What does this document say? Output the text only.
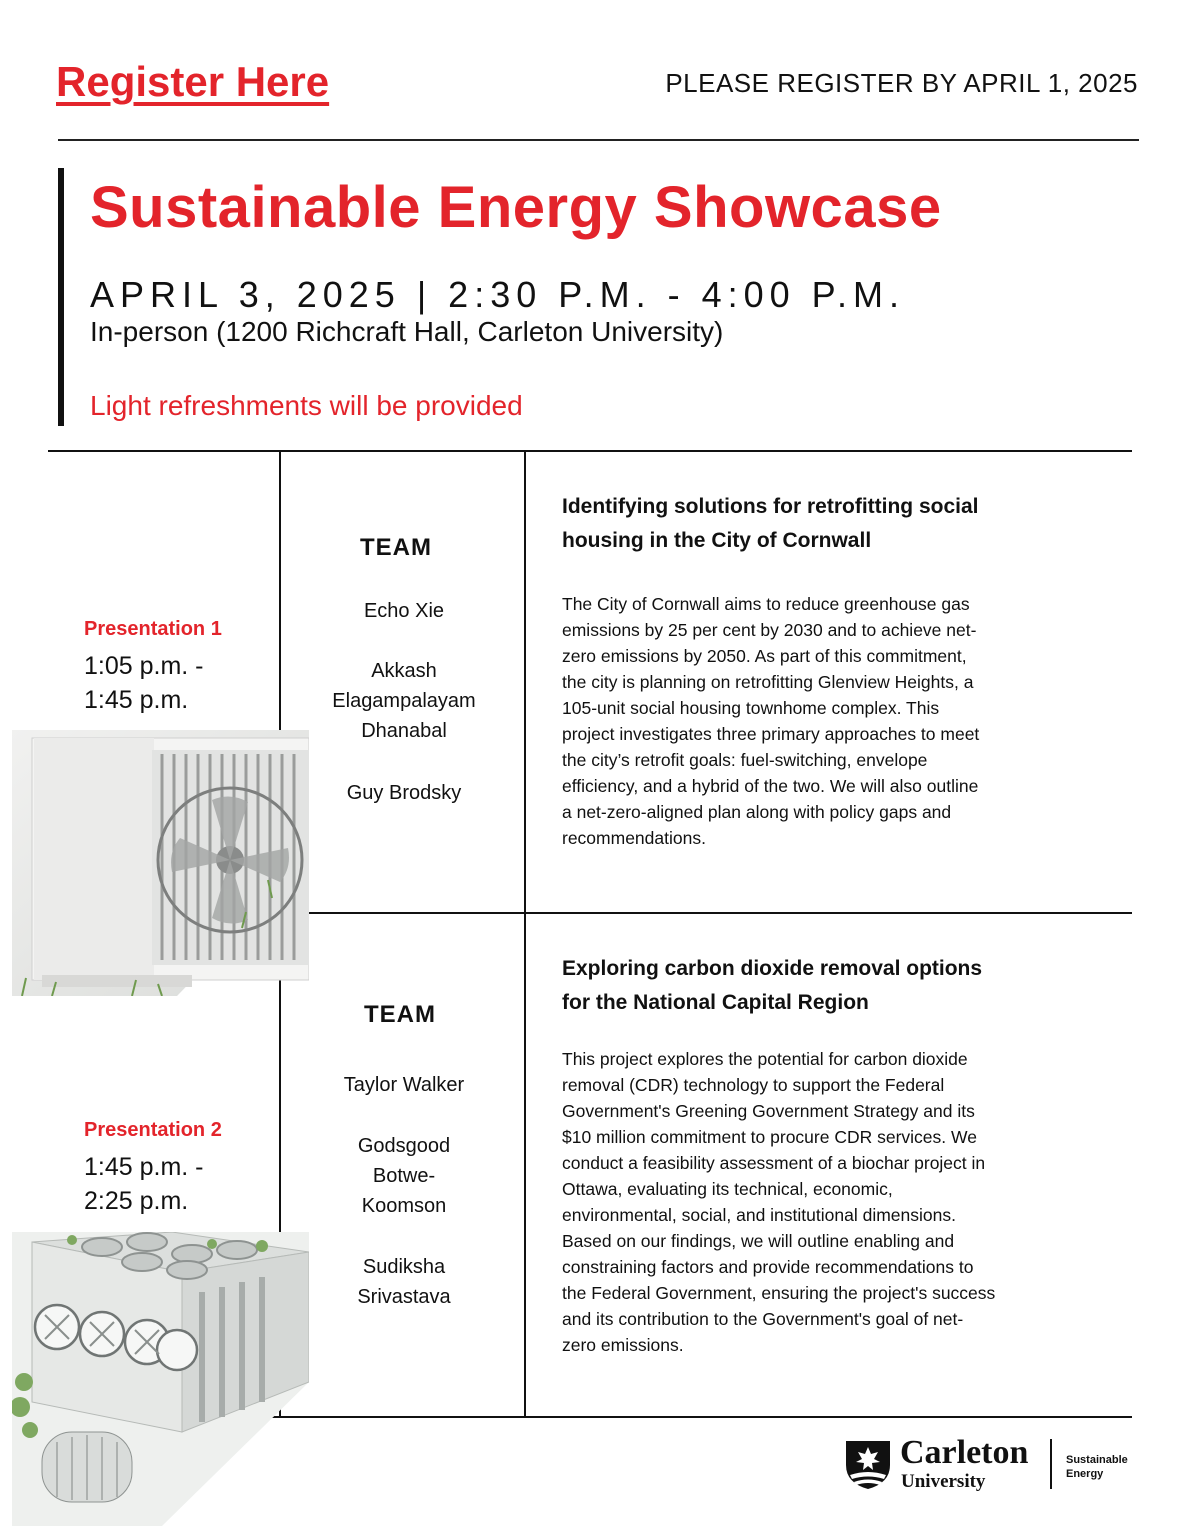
Register Here	PLEASE REGISTER BY APRIL 1, 2025
Sustainable Energy Showcase
APRIL 3, 2025 | 2:30 P.M. - 4:00 P.M.
In-person (1200 Richcraft Hall, Carleton University)
Light refreshments will be provided
Presentation 1
1:05 p.m. -
1:45 p.m.
TEAM
Echo Xie
Akkash
Elagampalayam
Dhanabal
Guy Brodsky
Identifying solutions for retrofitting social
housing in the City of Cornwall
The City of Cornwall aims to reduce greenhouse gas
emissions by 25 per cent by 2030 and to achieve net-
zero emissions by 2050. As part of this commitment,
the city is planning on retrofitting Glenview Heights, a
105-unit social housing townhome complex. This
project investigates three primary approaches to meet
the city’s retrofit goals: fuel-switching, envelope
efficiency, and a hybrid of the two. We will also outline
a net-zero-aligned plan along with policy gaps and
recommendations.
Presentation 2
1:45 p.m. -
2:25 p.m.
TEAM
Taylor Walker
Godsgood
Botwe-
Koomson
Sudiksha
Srivastava
Exploring carbon dioxide removal options
for the National Capital Region
This project explores the potential for carbon dioxide
removal (CDR) technology to support the Federal
Government's Greening Government Strategy and its
$10 million commitment to procure CDR services. We
conduct a feasibility assessment of a biochar project in
Ottawa, evaluating its technical, economic,
environmental, social, and institutional dimensions.
Based on our findings, we will outline enabling and
constraining factors and provide recommendations to
the Federal Government, ensuring the project's success
and its contribution to the Government's goal of net-
zero emissions.
Carleton
University
Sustainable
Energy
